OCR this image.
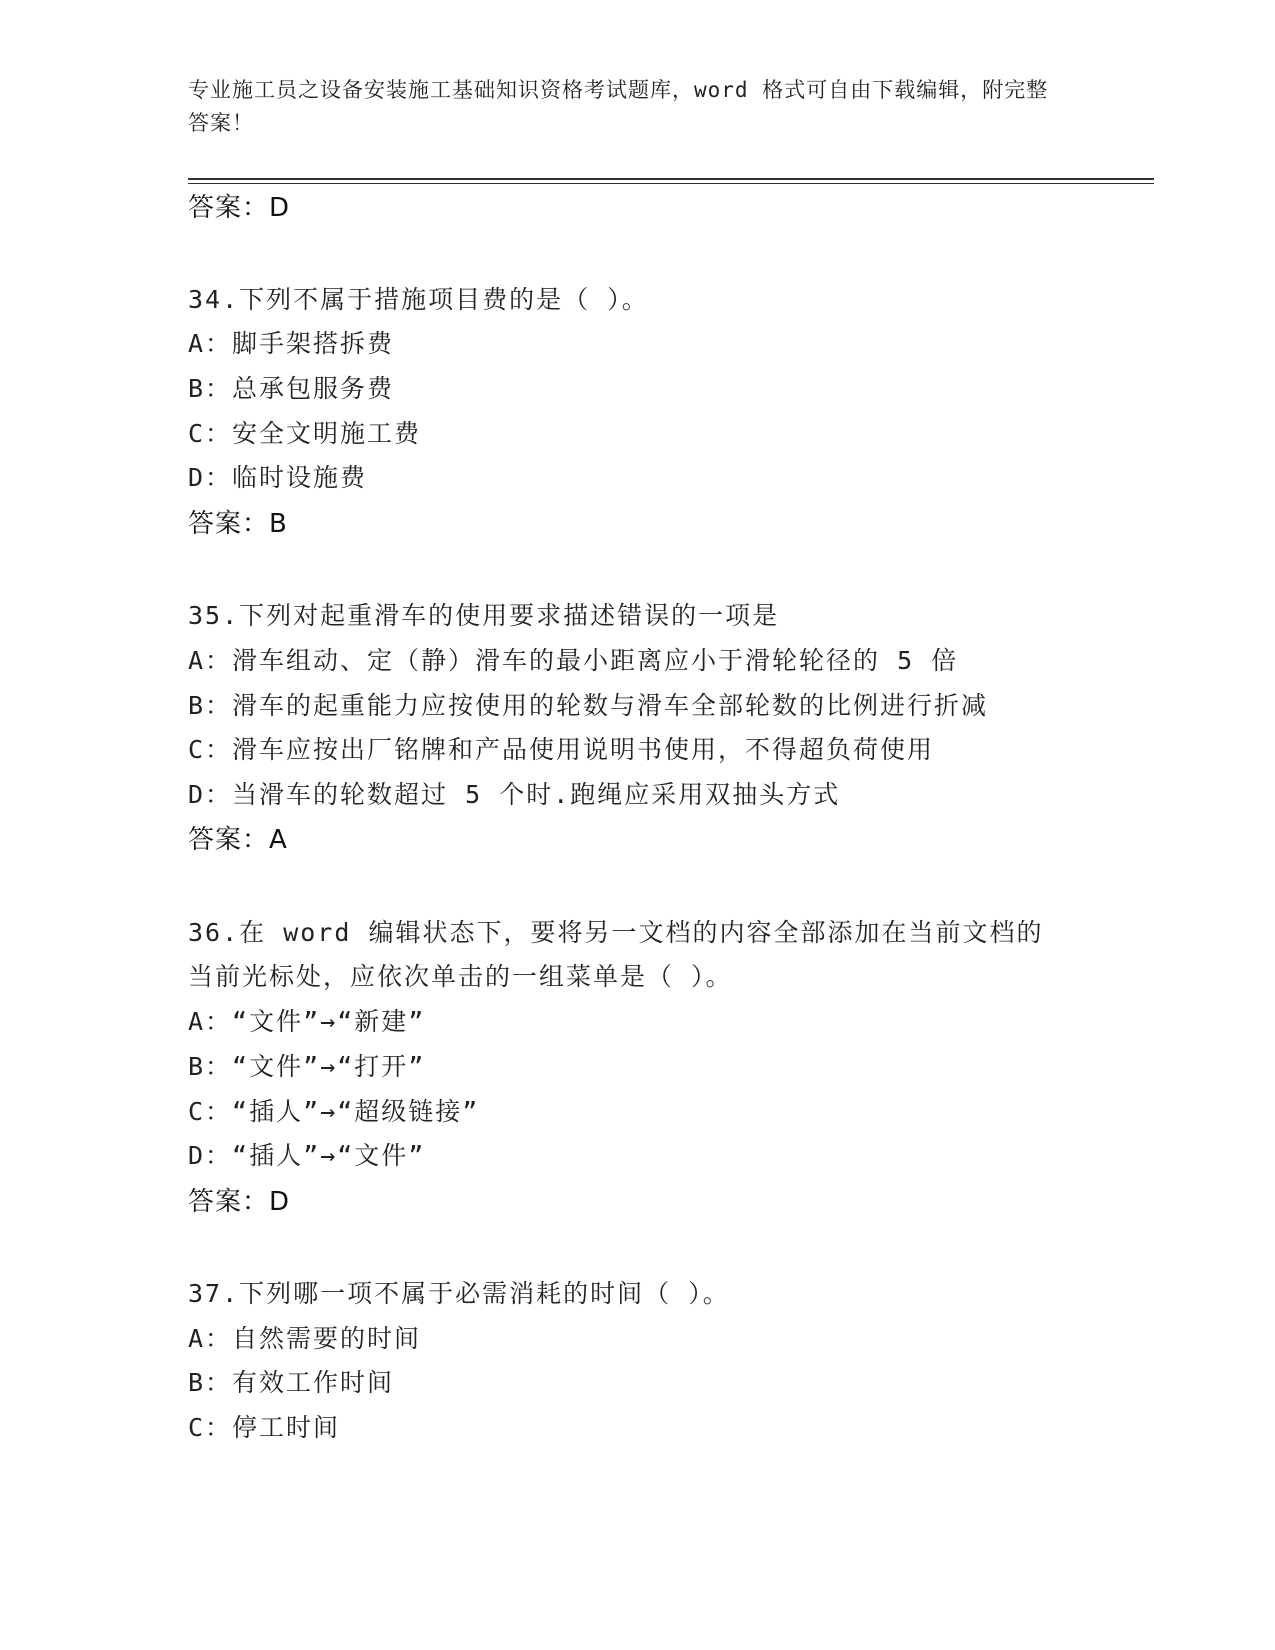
专业施工员之设备安装施工基础知识资格考试题库，word 格式可自由下载编辑，附完整答案！
答案：D
34.下列不属于措施项目费的是（ ）。
A：脚手架搭拆费
B：总承包服务费
C：安全文明施工费
D：临时设施费
答案：B
35.下列对起重滑车的使用要求描述错误的一项是
A：滑车组动、定（静）滑车的最小距离应小于滑轮轮径的 5 倍
B：滑车的起重能力应按使用的轮数与滑车全部轮数的比例进行折减
C：滑车应按出厂铭牌和产品使用说明书使用，不得超负荷使用
D：当滑车的轮数超过 5 个时.跑绳应采用双抽头方式
答案：A
36.在 word 编辑状态下，要将另一文档的内容全部添加在当前文档的
当前光标处，应依次单击的一组菜单是（ ）。
A：“文件”→“新建”
B：“文件”→“打开”
C：“插人”→“超级链接”
D：“插人”→“文件”
答案：D
37.下列哪一项不属于必需消耗的时间（ ）。
A：自然需要的时间
B：有效工作时间
C：停工时间
